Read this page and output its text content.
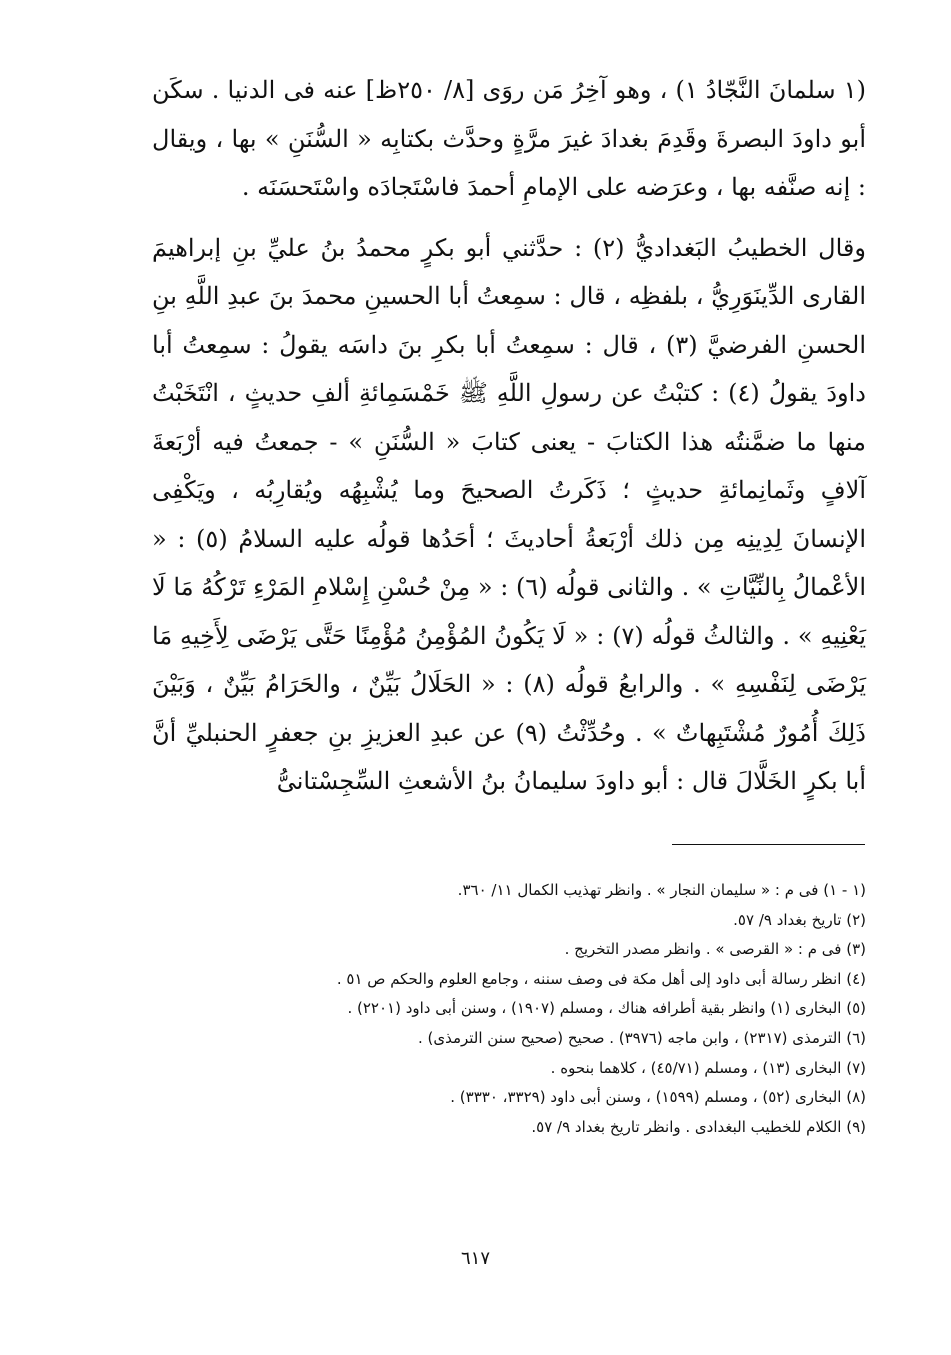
(١ سلمانَ النَّجّادُ ١) ، وهو آخِرُ مَن روَى [٨/ ٢٥٠ظ] عنه فى الدنيا . سكَن أبو داودَ البصرةَ وقَدِمَ بغدادَ غيرَ مرَّةٍ وحدَّث بكتابِه « السُّنَنِ » بها ، ويقال : إنه صنَّفه بها ، وعرَضه على الإمامِ أحمدَ فاسْتَجادَه واسْتَحسَنَه .

وقال الخطيبُ البَغداديُّ (٢) : حدَّثني أبو بكرٍ محمدُ بنُ عليِّ بنِ إبراهيمَ القارى الدِّينَوَرِيُّ ، بلفظِه ، قال : سمِعتُ أبا الحسينِ محمدَ بنَ عبدِ اللَّهِ بنِ الحسنِ الفرضيَّ (٣) ، قال : سمِعتُ أبا بكرِ بنَ داسَه يقولُ : سمِعتُ أبا داودَ يقولُ (٤) : كتبْتُ عن رسولِ اللَّهِ ﷺ خَمْسَمِائةِ ألفِ حديثٍ ، انْتَخَبْتُ منها ما ضمَّنتُه هذا الكتابَ - يعنى كتابَ « السُّنَنِ » - جمعتُ فيه أرْبَعةَ آلافٍ وثَمانِمائةِ حديثٍ ؛ ذَكَرتُ الصحيحَ وما يُشْبِهُه ويُقارِبُه ، ويَكْفِى الإنسانَ لِدِينِه مِن ذلك أرْبَعةُ أحاديثَ ؛ أحَدُها قولُه عليه السلامُ (٥) : « الأعْمالُ بِالنِّيَّاتِ » . والثانى قولُه (٦) : « مِنْ حُسْنِ إِسْلامِ المَرْءِ تَرْكُهُ مَا لَا يَعْنِيهِ » . والثالثُ قولُه (٧) : « لَا يَكُونُ المُؤْمِنُ مُؤْمِنًا حَتَّى يَرْضَى لِأَخِيهِ مَا يَرْضَى لِنَفْسِهِ » . والرابعُ قولُه (٨) : « الحَلَالُ بَيِّنٌ ، والحَرَامُ بَيِّنٌ ، وَبَيْنَ ذَلِكَ أُمُورٌ مُشْتَبِهاتٌ » . وحُدِّثْتُ (٩) عن عبدِ العزيزِ بنِ جعفرٍ الحنبليِّ أنَّ أبا بكرٍ الخَلَّالَ قال : أبو داودَ سليمانُ بنُ الأشعثِ السِّجِسْتانىُّ

(١ - ١) فى م : « سليمان النجار » . وانظر تهذيب الكمال ١١/ ٣٦٠.
(٢) تاريخ بغداد ٩/ ٥٧.
(٣) فى م : « القرصى » . وانظر مصدر التخريج .
(٤) انظر رسالة أبى داود إلى أهل مكة فى وصف سننه ، وجامع العلوم والحكم ص ٥١ .
(٥) البخارى (١) وانظر بقية أطرافه هناك ، ومسلم (١٩٠٧) ، وسنن أبى داود (٢٢٠١) .
(٦) الترمذى (٢٣١٧) ، وابن ماجه (٣٩٧٦) . صحيح (صحيح سنن الترمذى) .
(٧) البخارى (١٣) ، ومسلم (٤٥/٧١) ، كلاهما بنحوه .
(٨) البخارى (٥٢) ، ومسلم (١٥٩٩) ، وسنن أبى داود (٣٣٢٩، ٣٣٣٠) .
(٩) الكلام للخطيب البغدادى . وانظر تاريخ بغداد ٩/ ٥٧.
٦١٧
